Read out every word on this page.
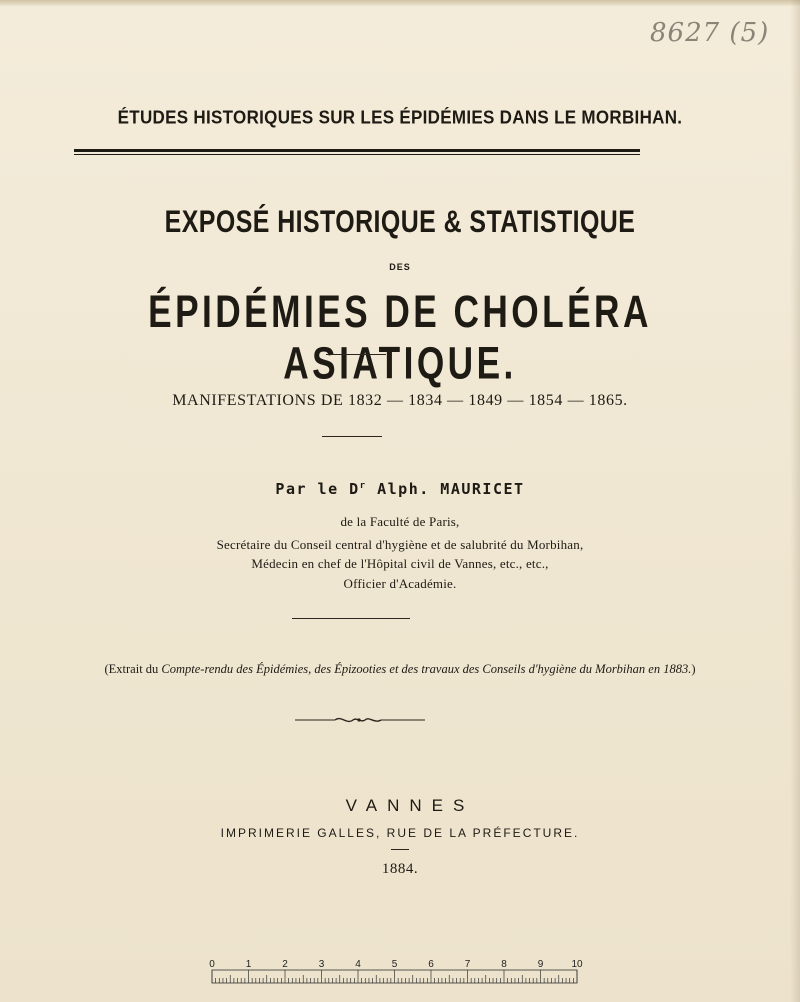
8627 (5)
ÉTUDES HISTORIQUES SUR LES ÉPIDÉMIES DANS LE MORBIHAN.
EXPOSÉ HISTORIQUE & STATISTIQUE
DES
ÉPIDÉMIES DE CHOLÉRA ASIATIQUE.
MANIFESTATIONS DE 1832 — 1834 — 1849 — 1854 — 1865.
Par le $D^r$ Alph. MAURICET
de la Faculté de Paris,
Secrétaire du Conseil central d'hygiène et de salubrité du Morbihan,
Médecin en chef de l'Hôpital civil de Vannes, etc., etc.,
Officier d'Académie.
(Extrait du Compte-rendu des Épidémies, des Épizooties et des travaux des Conseils d'hygiène du Morbihan en 1883.)
VANNES
IMPRIMERIE GALLES, RUE DE LA PRÉFECTURE.
1884.
0	1	2	3	4	5	6	7	8	9	10
